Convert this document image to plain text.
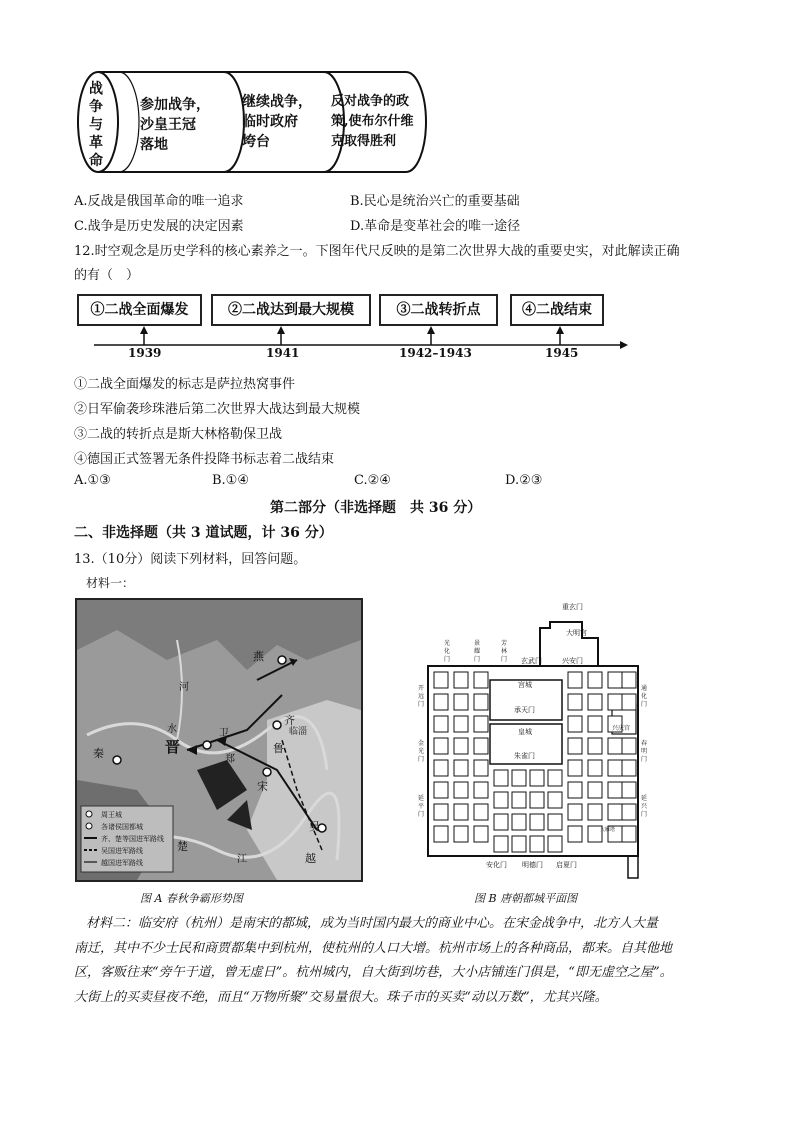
战争与革命
参加战争，
沙皇王冠
落地
继续战争，
临时政府
垮台
反对战争的政
策,使布尔什维
克取得胜利
A.反战是俄国革命的唯一追求	B.民心是统治兴亡的重要基础
C.战争是历史发展的决定因素	D.革命是变革社会的唯一途径
12.时空观念是历史学科的核心素养之一。下图年代尺反映的是第二次世界大战的重要史实，对此解读正确
的有（　）
①二战全面爆发	②二战达到最大规模	③二战转折点	④二战结束
1939	1941	1942–1943	1945
①二战全面爆发的标志是萨拉热窝事件
②日军偷袭珍珠港后第二次世界大战达到最大规模
③二战的转折点是斯大林格勒保卫战
④德国正式签署无条件投降书标志着二战结束
A.①③	B.①④	C.②④	D.②③
第二部分（非选择题　共 36 分）
二、非选择题（共 3 道试题，计 36 分）
13.（10分）阅读下列材料，回答问题。
材料一：
燕
晋
秦
齐
临淄
鲁
卫
郑
宋
楚
吴
越
河
水
江
周王城
各诸侯国都城
齐、楚等国进军路线
吴国进军路线
越国进军路线
图 A 春秋争霸形势图
重玄门
大明宫
光化门
景耀门
芳林门	玄武门	兴安门
宫城
承天门
皇城
朱雀门
开远门
金光门
延平门
通化门
兴庆宫
春明门
延兴门
大雁塔
安化门 明德门 启夏门
图 B 唐朝都城平面图
材料二：临安府（杭州）是南宋的都城，成为当时国内最大的商业中心。在宋金战争中，北方人大量
南迁，其中不少士民和商贾都集中到杭州，使杭州的人口大增。杭州市场上的各种商品，都来。自其他地
区，客贩往来“旁午于道，曾无虚日”。杭州城内，自大街到坊巷，大小店铺连门俱是，“即无虚空之屋”。
大街上的买卖昼夜不绝，而且“万物所聚”交易量很大。珠子市的买卖“动以万数”，尤其兴隆。
